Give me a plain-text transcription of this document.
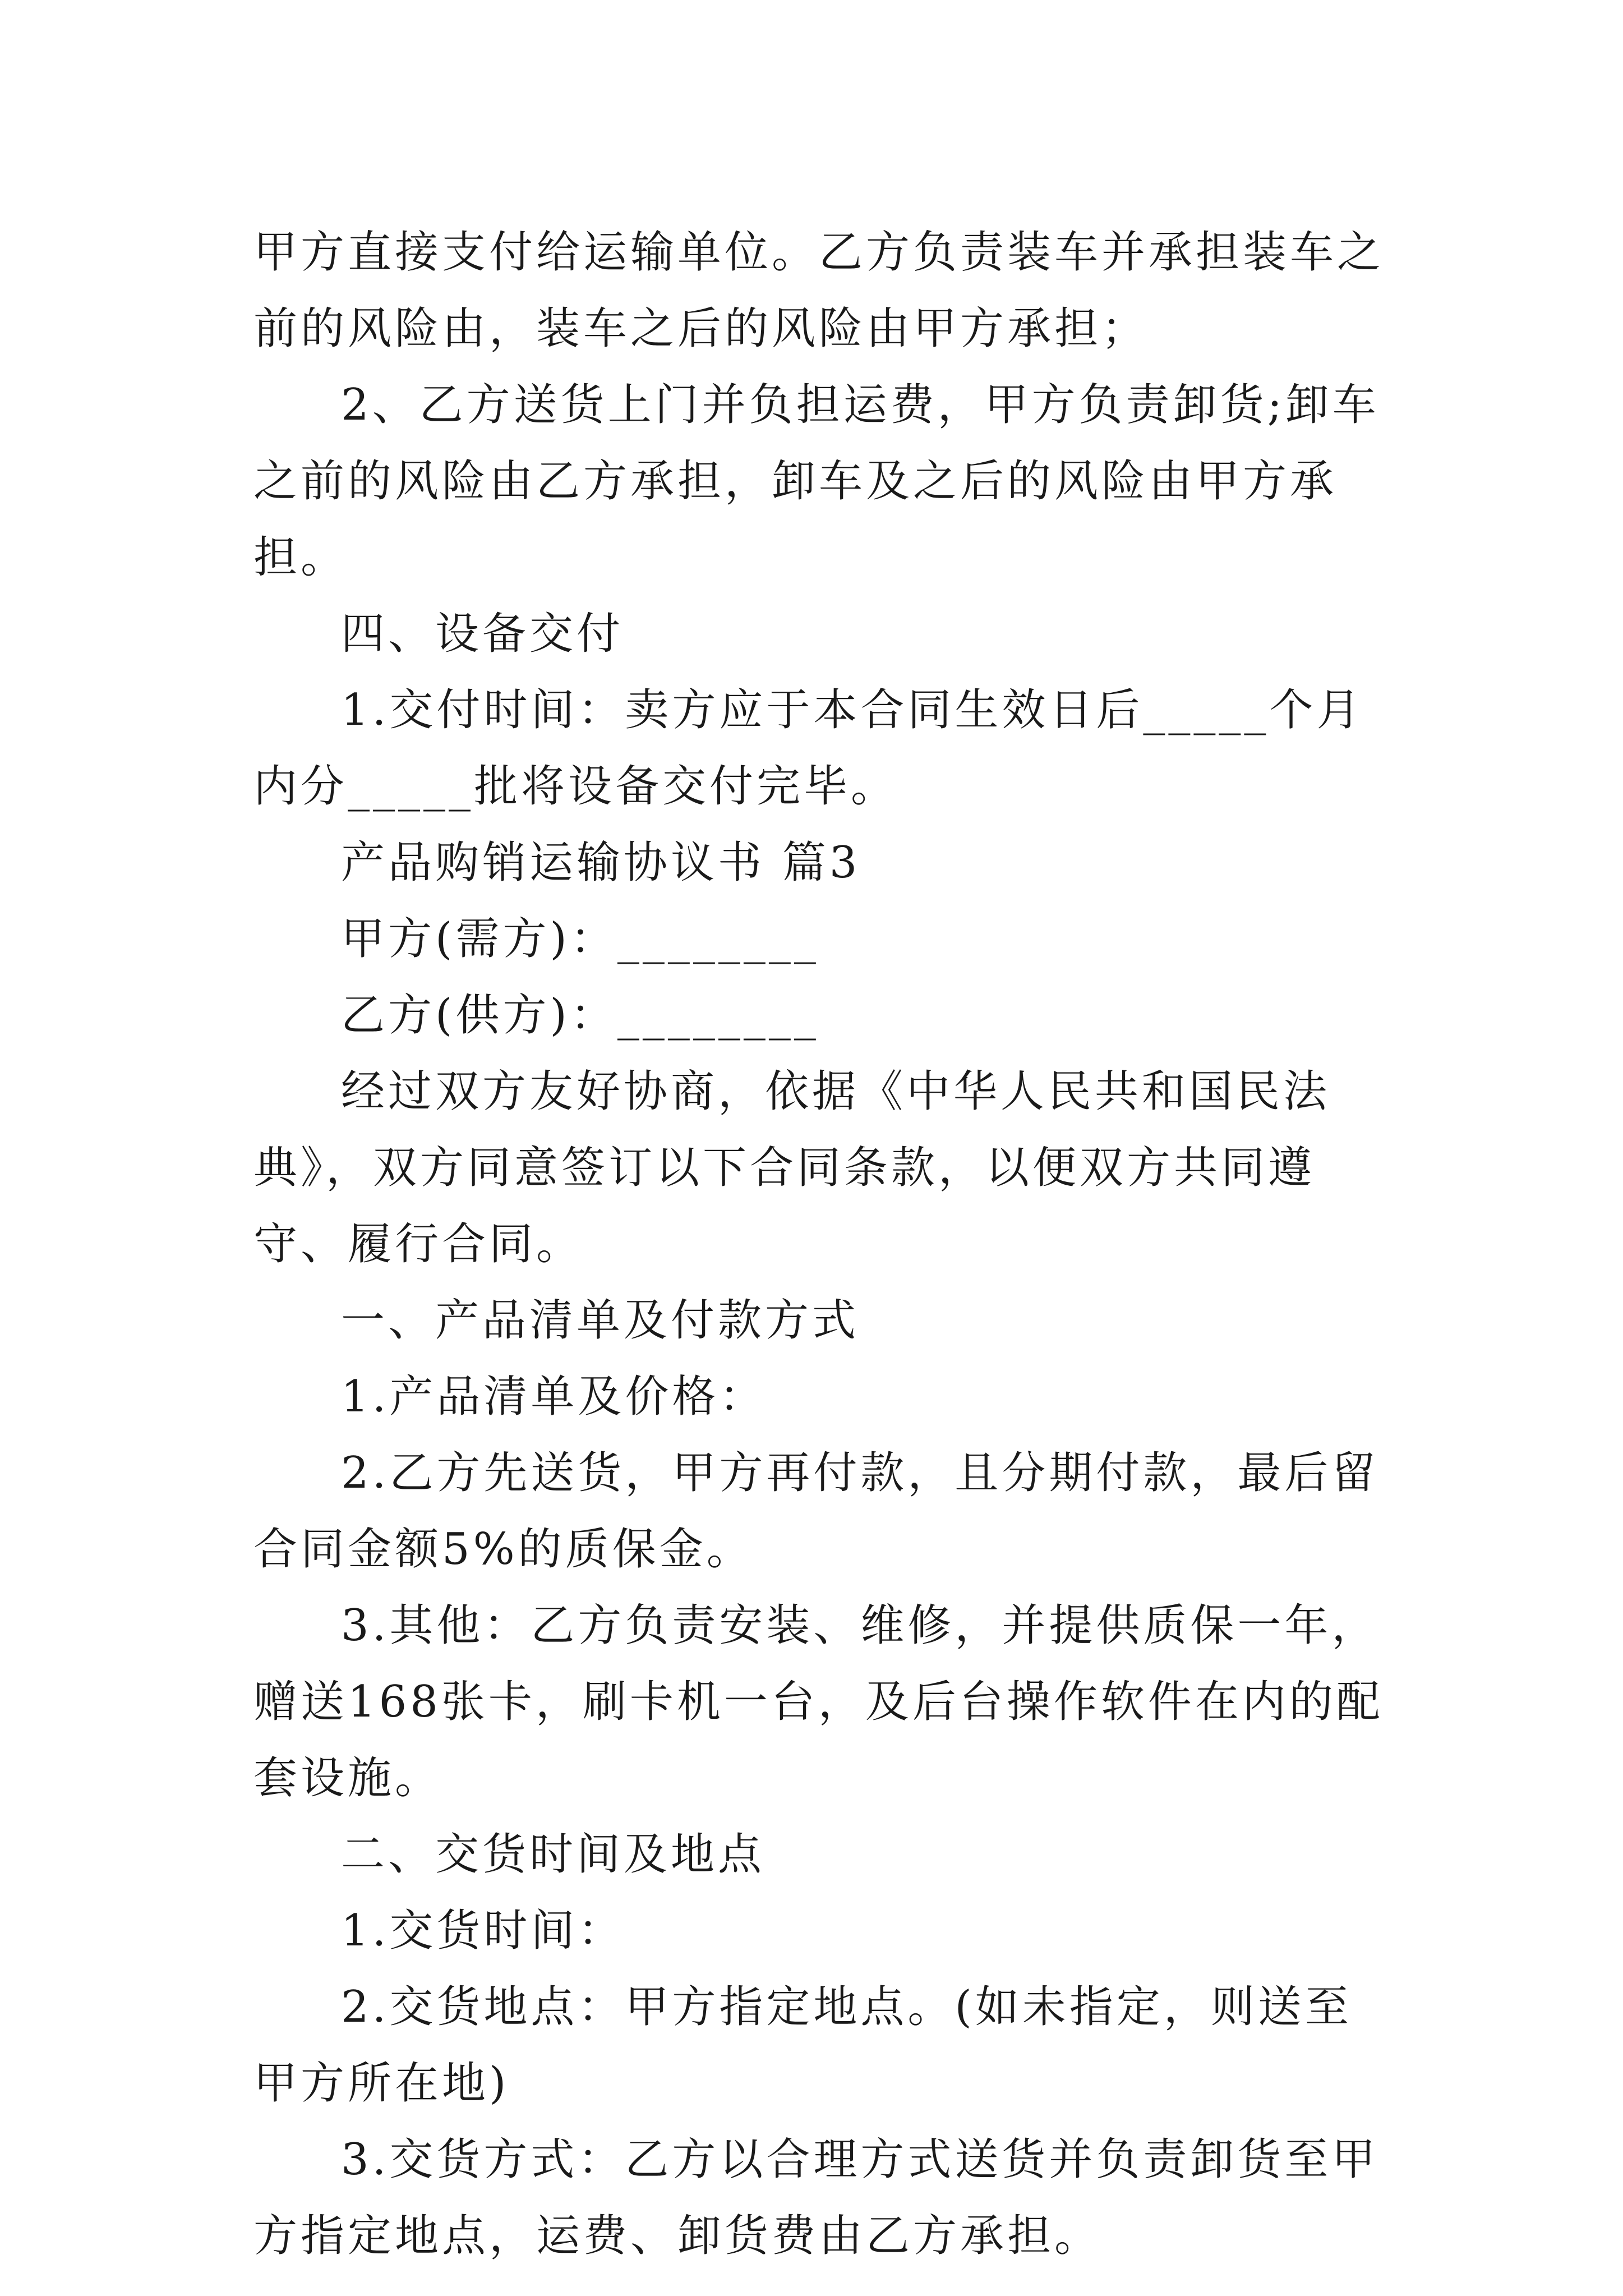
甲方直接支付给运输单位。乙方负责装车并承担装车之前的风险由，装车之后的风险由甲方承担；

2、乙方送货上门并负担运费，甲方负责卸货;卸车之前的风险由乙方承担，卸车及之后的风险由甲方承担。

四、设备交付

1.交付时间：卖方应于本合同生效日后_____个月内分_____批将设备交付完毕。

产品购销运输协议书 篇3

甲方(需方)：________

乙方(供方)：________

经过双方友好协商，依据《中华人民共和国民法典》，双方同意签订以下合同条款，以便双方共同遵守、履行合同。

一、产品清单及付款方式

1.产品清单及价格：

2.乙方先送货，甲方再付款，且分期付款，最后留合同金额5%的质保金。

3.其他：乙方负责安装、维修，并提供质保一年，赠送168张卡，刷卡机一台，及后台操作软件在内的配套设施。

二、交货时间及地点

1.交货时间：

2.交货地点：甲方指定地点。(如未指定，则送至甲方所在地)

3.交货方式：乙方以合理方式送货并负责卸货至甲方指定地点，运费、卸货费由乙方承担。
